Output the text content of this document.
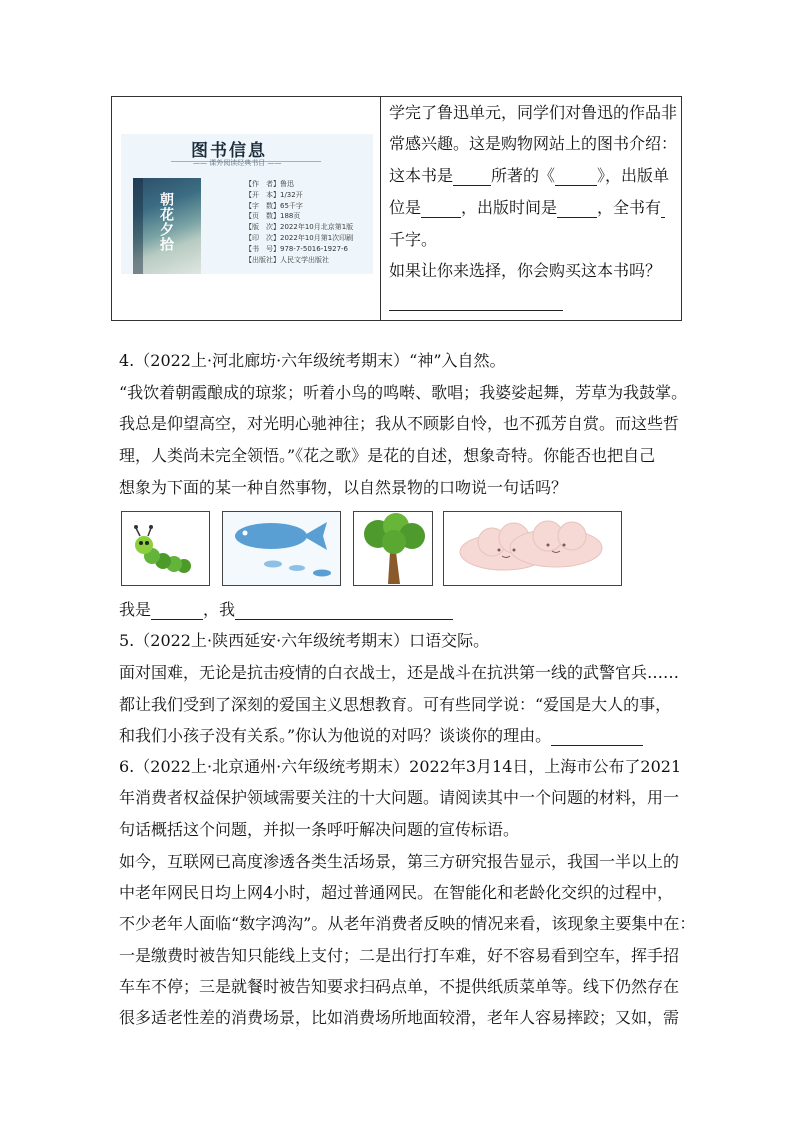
图书信息
—— 课外阅读经典书目 ——
朝花夕拾
【作　者】鲁迅
【开　本】1/32开
【字　数】65千字
【页　数】188页
【版　次】2022年10月北京第1版
【印　次】2022年10月第1次印刷
【书　号】978-7-5016-1927-6
【出版社】人民文学出版社
学完了鲁迅单元，同学们对鲁迅的作品非
常感兴趣。这是购物网站上的图书介绍：
这本书是 所著的《	》，出版单
位是	，出版时间是	，全书有
千字。
如果让你来选择，你会购买这本书吗？
4.（2022上·河北廊坊·六年级统考期末）“神”入自然。
“我饮着朝霞酿成的琼浆；听着小鸟的鸣啭、歌唱；我婆娑起舞，芳草为我鼓掌。
我总是仰望高空，对光明心驰神往；我从不顾影自怜，也不孤芳自赏。而这些哲
理，人类尚未完全领悟。”《花之歌》是花的自述，想象奇特。你能否也把自己
想象为下面的某一种自然事物，以自然景物的口吻说一句话吗？
我是	，我
5.（2022上·陕西延安·六年级统考期末）口语交际。
面对国难，无论是抗击疫情的白衣战士，还是战斗在抗洪第一线的武警官兵……
都让我们受到了深刻的爱国主义思想教育。可有些同学说：“爱国是大人的事，
和我们小孩子没有关系。”你认为他说的对吗？谈谈你的理由。
6.（2022上·北京通州·六年级统考期末）2022年3月14日，上海市公布了2021
年消费者权益保护领域需要关注的十大问题。请阅读其中一个问题的材料，用一
句话概括这个问题，并拟一条呼吁解决问题的宣传标语。
如今，互联网已高度渗透各类生活场景，第三方研究报告显示，我国一半以上的
中老年网民日均上网4小时，超过普通网民。在智能化和老龄化交织的过程中，
不少老年人面临“数字鸿沟”。从老年消费者反映的情况来看，该现象主要集中在：
一是缴费时被告知只能线上支付；二是出行打车难，好不容易看到空车，挥手招
车车不停；三是就餐时被告知要求扫码点单，不提供纸质菜单等。线下仍然存在
很多适老性差的消费场景，比如消费场所地面较滑，老年人容易摔跤；又如，需
